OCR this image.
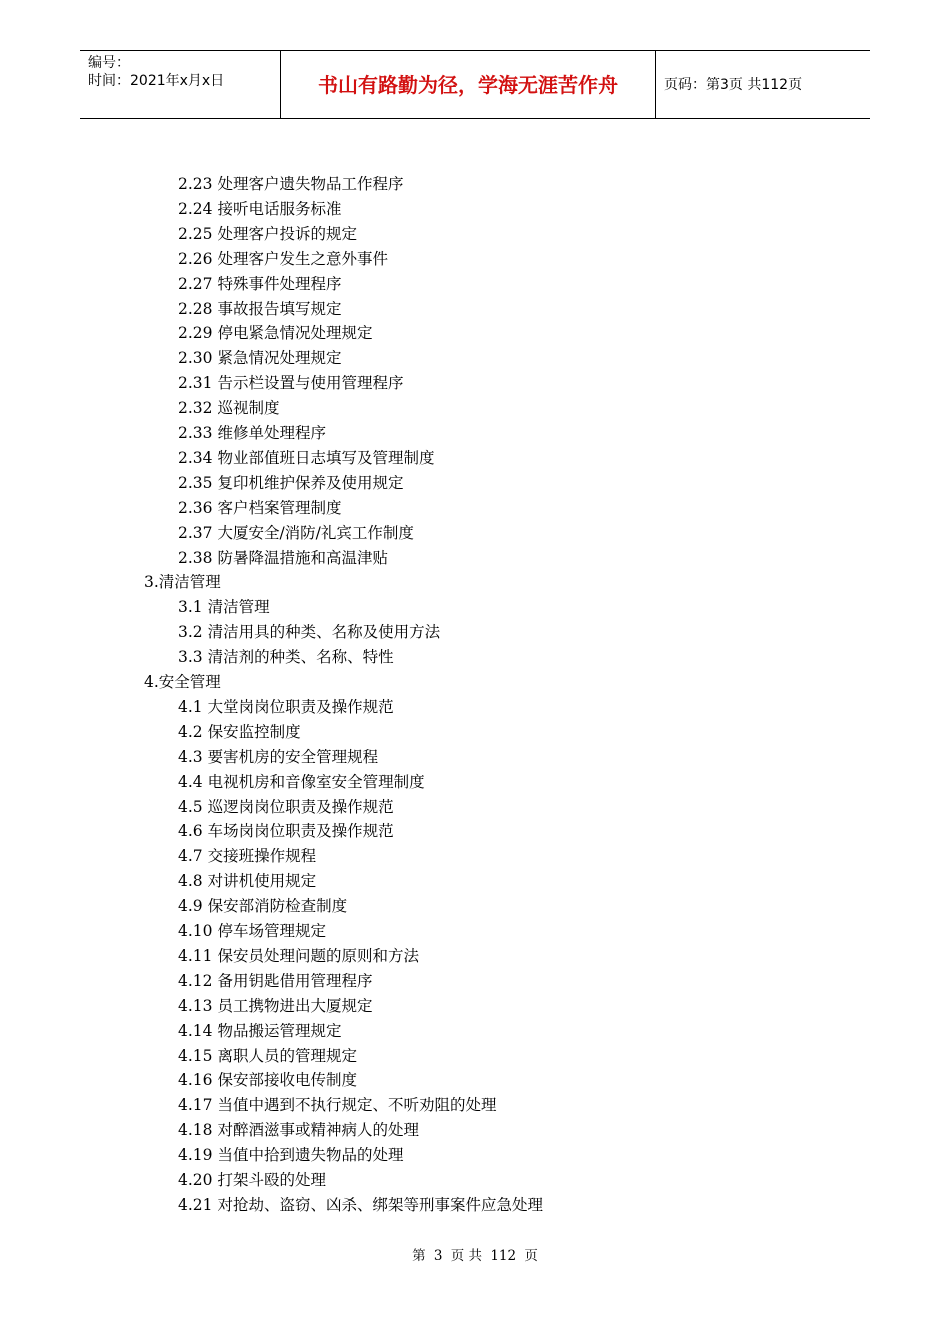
编号：
时间：2021年x月x日	书山有路勤为径，学海无涯苦作舟	页码：第3页 共112页
2.23 处理客户遗失物品工作程序
2.24 接听电话服务标准
2.25 处理客户投诉的规定
2.26 处理客户发生之意外事件
2.27 特殊事件处理程序
2.28 事故报告填写规定
2.29 停电紧急情况处理规定
2.30 紧急情况处理规定
2.31 告示栏设置与使用管理程序
2.32 巡视制度
2.33 维修单处理程序
2.34 物业部值班日志填写及管理制度
2.35 复印机维护保养及使用规定
2.36 客户档案管理制度
2.37 大厦安全/消防/礼宾工作制度
2.38 防暑降温措施和高温津贴
3.清洁管理
3.1 清洁管理
3.2 清洁用具的种类、名称及使用方法
3.3 清洁剂的种类、名称、特性
4.安全管理
4.1 大堂岗岗位职责及操作规范
4.2 保安监控制度
4.3 要害机房的安全管理规程
4.4 电视机房和音像室安全管理制度
4.5 巡逻岗岗位职责及操作规范
4.6 车场岗岗位职责及操作规范
4.7 交接班操作规程
4.8 对讲机使用规定
4.9 保安部消防检查制度
4.10 停车场管理规定
4.11 保安员处理问题的原则和方法
4.12 备用钥匙借用管理程序
4.13 员工携物进出大厦规定
4.14 物品搬运管理规定
4.15 离职人员的管理规定
4.16 保安部接收电传制度
4.17 当值中遇到不执行规定、不听劝阻的处理
4.18 对醉酒滋事或精神病人的处理
4.19 当值中拾到遗失物品的处理
4.20 打架斗殴的处理
4.21 对抢劫、盗窃、凶杀、绑架等刑事案件应急处理
第 3 页 共 112 页
